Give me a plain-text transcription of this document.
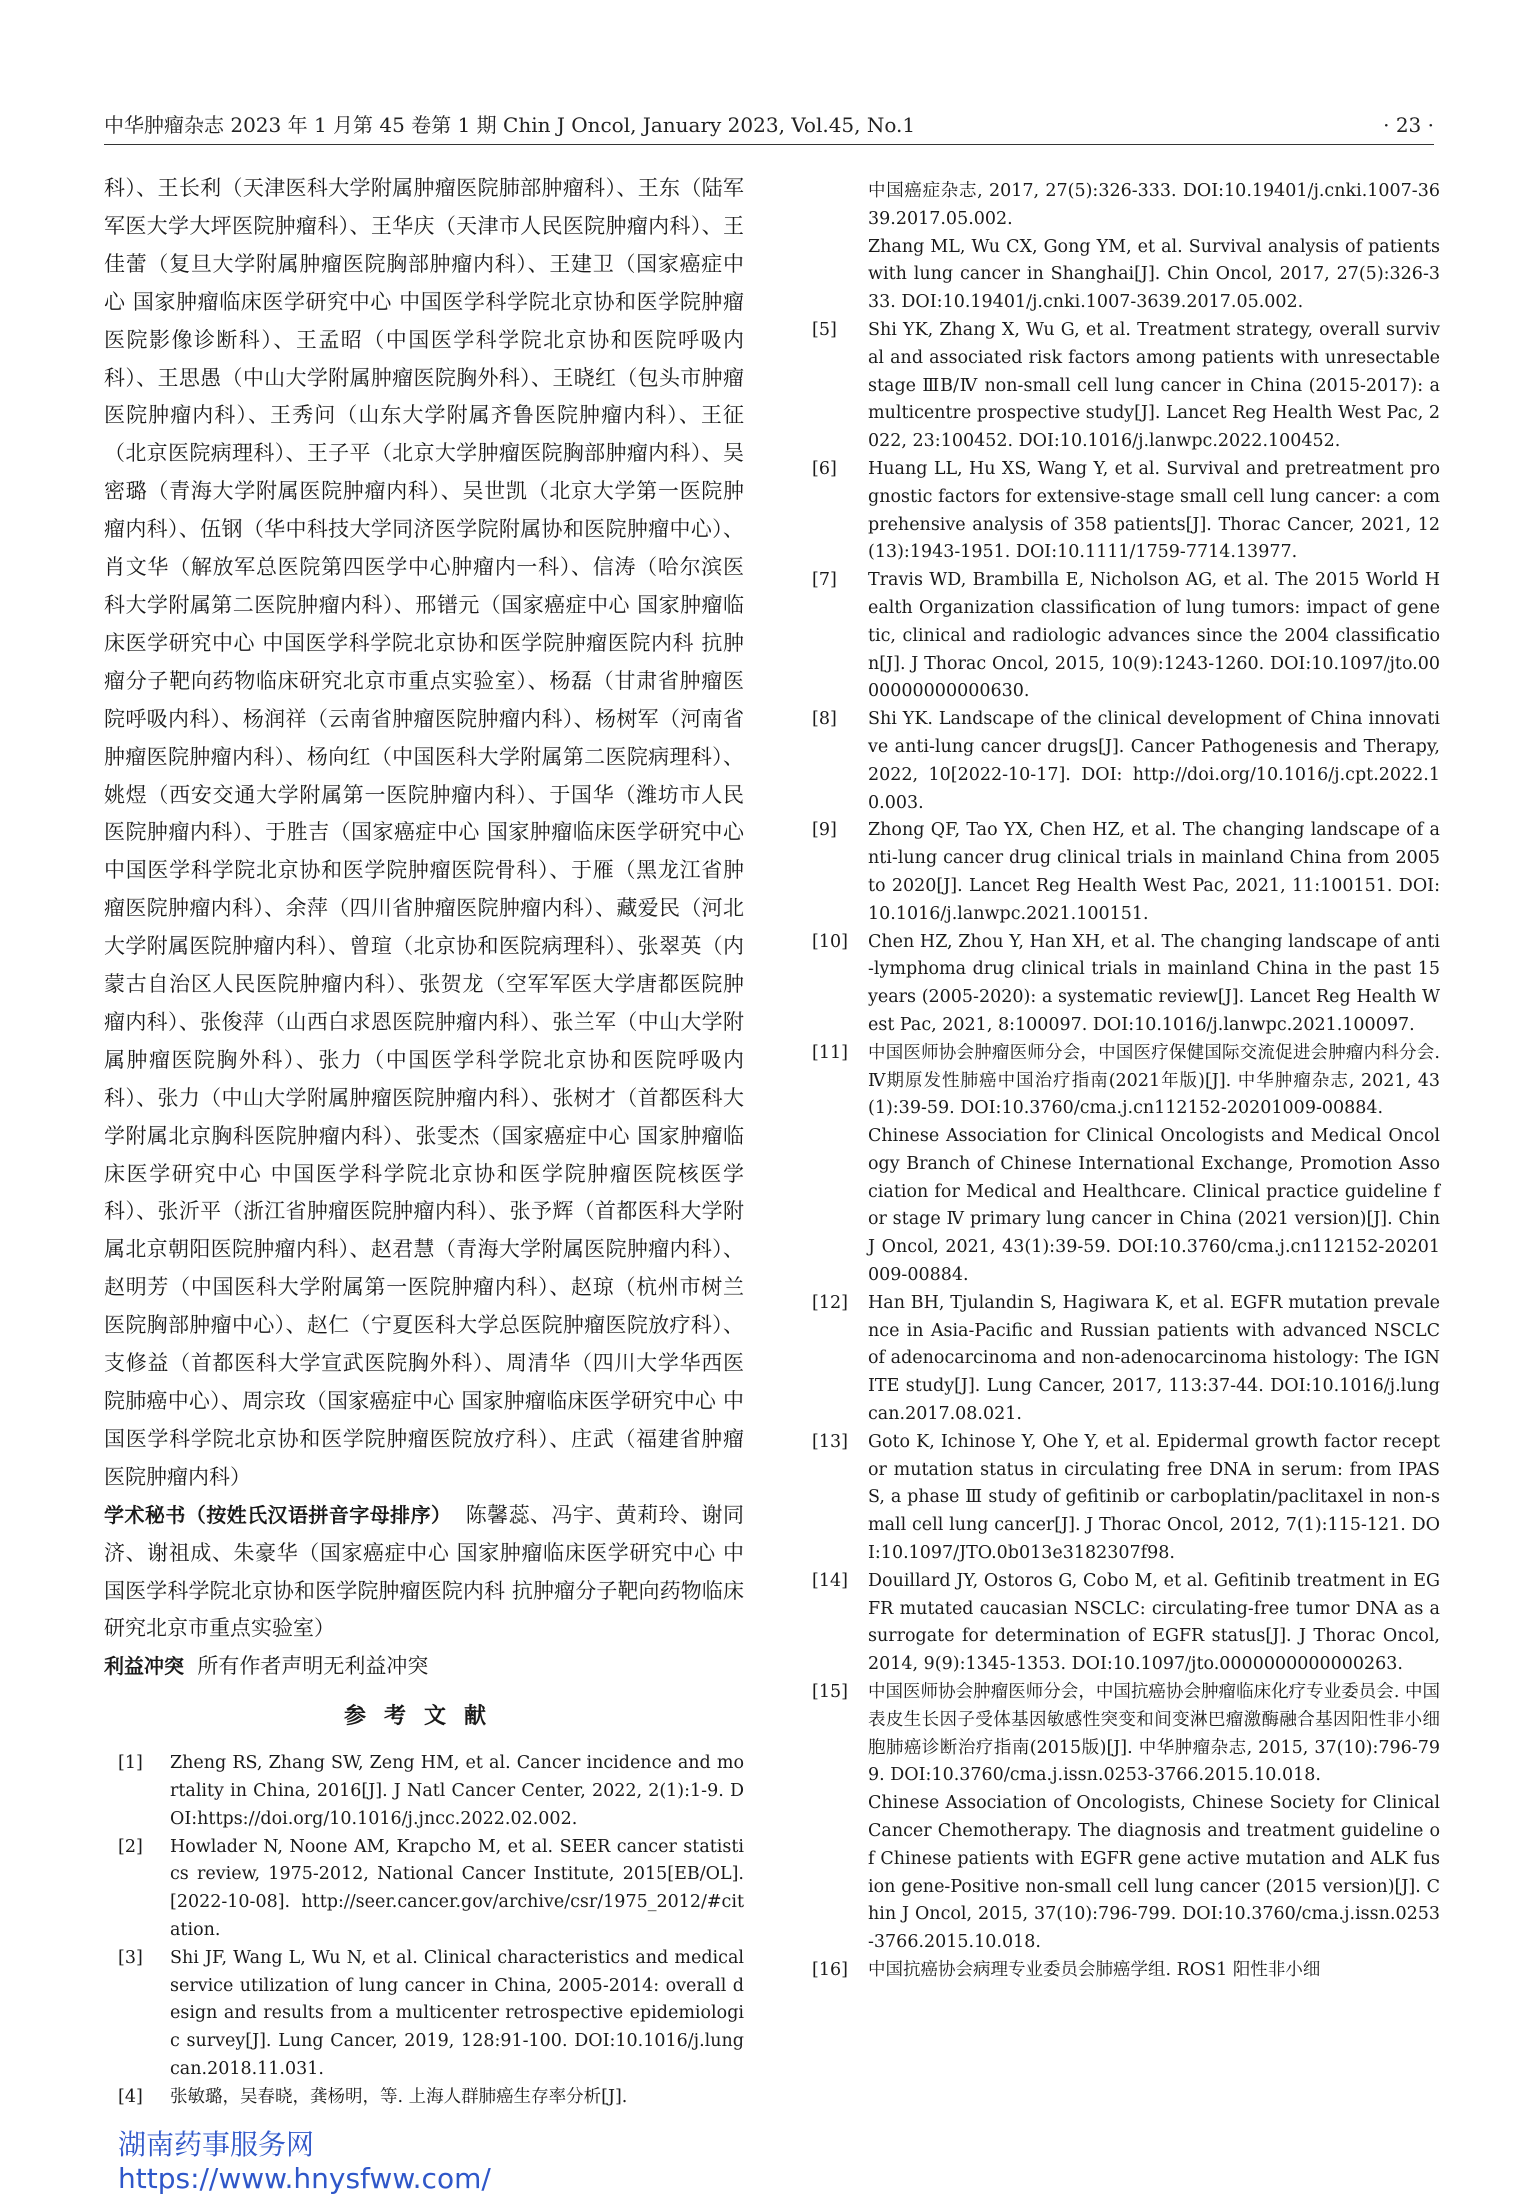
中华肿瘤杂志 2023 年 1 月第 45 卷第 1 期 Chin J Oncol, January 2023, Vol.45, No.1	· 23 ·

科）、王长利（天津医科大学附属肿瘤医院肺部肿瘤科）、王东（陆军军医大学大坪医院肿瘤科）、王华庆（天津市人民医院肿瘤内科）、王佳蕾（复旦大学附属肿瘤医院胸部肿瘤内科）、王建卫（国家癌症中心 国家肿瘤临床医学研究中心 中国医学科学院北京协和医学院肿瘤医院影像诊断科）、王孟昭（中国医学科学院北京协和医院呼吸内科）、王思愚（中山大学附属肿瘤医院胸外科）、王晓红（包头市肿瘤医院肿瘤内科）、王秀问（山东大学附属齐鲁医院肿瘤内科）、王征（北京医院病理科）、王子平（北京大学肿瘤医院胸部肿瘤内科）、吴密璐（青海大学附属医院肿瘤内科）、吴世凯（北京大学第一医院肿瘤内科）、伍钢（华中科技大学同济医学院附属协和医院肿瘤中心）、肖文华（解放军总医院第四医学中心肿瘤内一科）、信涛（哈尔滨医科大学附属第二医院肿瘤内科）、邢镨元（国家癌症中心 国家肿瘤临床医学研究中心 中国医学科学院北京协和医学院肿瘤医院内科 抗肿瘤分子靶向药物临床研究北京市重点实验室）、杨磊（甘肃省肿瘤医院呼吸内科）、杨润祥（云南省肿瘤医院肿瘤内科）、杨树军（河南省肿瘤医院肿瘤内科）、杨向红（中国医科大学附属第二医院病理科）、姚煜（西安交通大学附属第一医院肿瘤内科）、于国华（潍坊市人民医院肿瘤内科）、于胜吉（国家癌症中心 国家肿瘤临床医学研究中心 中国医学科学院北京协和医学院肿瘤医院骨科）、于雁（黑龙江省肿瘤医院肿瘤内科）、余萍（四川省肿瘤医院肿瘤内科）、藏爱民（河北大学附属医院肿瘤内科）、曾瑄（北京协和医院病理科）、张翠英（内蒙古自治区人民医院肿瘤内科）、张贺龙（空军军医大学唐都医院肿瘤内科）、张俊萍（山西白求恩医院肿瘤内科）、张兰军（中山大学附属肿瘤医院胸外科）、张力（中国医学科学院北京协和医院呼吸内科）、张力（中山大学附属肿瘤医院肿瘤内科）、张树才（首都医科大学附属北京胸科医院肿瘤内科）、张雯杰（国家癌症中心 国家肿瘤临床医学研究中心 中国医学科学院北京协和医学院肿瘤医院核医学科）、张沂平（浙江省肿瘤医院肿瘤内科）、张予辉（首都医科大学附属北京朝阳医院肿瘤内科）、赵君慧（青海大学附属医院肿瘤内科）、赵明芳（中国医科大学附属第一医院肿瘤内科）、赵琼（杭州市树兰医院胸部肿瘤中心）、赵仁（宁夏医科大学总医院肿瘤医院放疗科）、支修益（首都医科大学宣武医院胸外科）、周清华（四川大学华西医院肺癌中心）、周宗玫（国家癌症中心 国家肿瘤临床医学研究中心 中国医学科学院北京协和医学院肿瘤医院放疗科）、庄武（福建省肿瘤医院肿瘤内科）

学术秘书（按姓氏汉语拼音字母排序） 陈馨蕊、冯宇、黄莉玲、谢同济、谢祖成、朱豪华（国家癌症中心 国家肿瘤临床医学研究中心 中国医学科学院北京协和医学院肿瘤医院内科 抗肿瘤分子靶向药物临床研究北京市重点实验室）

利益冲突 所有作者声明无利益冲突

参考文献
[1] Zheng RS, Zhang SW, Zeng HM, et al. Cancer incidence and mortality in China, 2016[J]. J Natl Cancer Center, 2022, 2(1):1-9. DOI:https://doi.org/10.1016/j.jncc.2022.02.002.
[2] Howlader N, Noone AM, Krapcho M, et al. SEER cancer statistics review, 1975-2012, National Cancer Institute, 2015[EB/OL]. [2022-10-08]. http://seer.cancer.gov/archive/csr/1975_2012/#citation.
[3] Shi JF, Wang L, Wu N, et al. Clinical characteristics and medical service utilization of lung cancer in China, 2005-2014: overall design and results from a multicenter retrospective epidemiologic survey[J]. Lung Cancer, 2019, 128:91-100. DOI:10.1016/j.lungcan.2018.11.031.
[4] 张敏璐，吴春晓，龚杨明，等. 上海人群肺癌生存率分析[J].
中国癌症杂志, 2017, 27(5):326-333. DOI:10.19401/j.cnki.1007-3639.2017.05.002.
Zhang ML, Wu CX, Gong YM, et al. Survival analysis of patients with lung cancer in Shanghai[J]. Chin Oncol, 2017, 27(5):326-333. DOI:10.19401/j.cnki.1007-3639.2017.05.002.
[5] Shi YK, Zhang X, Wu G, et al. Treatment strategy, overall survival and associated risk factors among patients with unresectable stage ⅢB/Ⅳ non-small cell lung cancer in China (2015-2017): a multicentre prospective study[J]. Lancet Reg Health West Pac, 2022, 23:100452. DOI:10.1016/j.lanwpc.2022.100452.
[6] Huang LL, Hu XS, Wang Y, et al. Survival and pretreatment prognostic factors for extensive-stage small cell lung cancer: a comprehensive analysis of 358 patients[J]. Thorac Cancer, 2021, 12(13):1943-1951. DOI:10.1111/1759-7714.13977.
[7] Travis WD, Brambilla E, Nicholson AG, et al. The 2015 World Health Organization classification of lung tumors: impact of genetic, clinical and radiologic advances since the 2004 classification[J]. J Thorac Oncol, 2015, 10(9):1243-1260. DOI:10.1097/jto.0000000000000630.
[8] Shi YK. Landscape of the clinical development of China innovative anti-lung cancer drugs[J]. Cancer Pathogenesis and Therapy, 2022, 10[2022-10-17]. DOI: http://doi.org/10.1016/j.cpt.2022.10.003.
[9] Zhong QF, Tao YX, Chen HZ, et al. The changing landscape of anti-lung cancer drug clinical trials in mainland China from 2005 to 2020[J]. Lancet Reg Health West Pac, 2021, 11:100151. DOI:10.1016/j.lanwpc.2021.100151.
[10] Chen HZ, Zhou Y, Han XH, et al. The changing landscape of anti-lymphoma drug clinical trials in mainland China in the past 15 years (2005-2020): a systematic review[J]. Lancet Reg Health West Pac, 2021, 8:100097. DOI:10.1016/j.lanwpc.2021.100097.
[11] 中国医师协会肿瘤医师分会，中国医疗保健国际交流促进会肿瘤内科分会. Ⅳ期原发性肺癌中国治疗指南(2021年版)[J]. 中华肿瘤杂志, 2021, 43(1):39-59. DOI:10.3760/cma.j.cn112152-20201009-00884.
Chinese Association for Clinical Oncologists and Medical Oncology Branch of Chinese International Exchange, Promotion Association for Medical and Healthcare. Clinical practice guideline for stage Ⅳ primary lung cancer in China (2021 version)[J]. Chin J Oncol, 2021, 43(1):39-59. DOI:10.3760/cma.j.cn112152-20201009-00884.
[12] Han BH, Tjulandin S, Hagiwara K, et al. EGFR mutation prevalence in Asia-Pacific and Russian patients with advanced NSCLC of adenocarcinoma and non-adenocarcinoma histology: The IGNITE study[J]. Lung Cancer, 2017, 113:37-44. DOI:10.1016/j.lungcan.2017.08.021.
[13] Goto K, Ichinose Y, Ohe Y, et al. Epidermal growth factor receptor mutation status in circulating free DNA in serum: from IPASS, a phase Ⅲ study of gefitinib or carboplatin/paclitaxel in non-small cell lung cancer[J]. J Thorac Oncol, 2012, 7(1):115-121. DOI:10.1097/JTO.0b013e3182307f98.
[14] Douillard JY, Ostoros G, Cobo M, et al. Gefitinib treatment in EGFR mutated caucasian NSCLC: circulating-free tumor DNA as a surrogate for determination of EGFR status[J]. J Thorac Oncol, 2014, 9(9):1345-1353. DOI:10.1097/jto.0000000000000263.
[15] 中国医师协会肿瘤医师分会，中国抗癌协会肿瘤临床化疗专业委员会. 中国表皮生长因子受体基因敏感性突变和间变淋巴瘤激酶融合基因阳性非小细胞肺癌诊断治疗指南(2015版)[J]. 中华肿瘤杂志, 2015, 37(10):796-799. DOI:10.3760/cma.j.issn.0253-3766.2015.10.018.
Chinese Association of Oncologists, Chinese Society for Clinical Cancer Chemotherapy. The diagnosis and treatment guideline of Chinese patients with EGFR gene active mutation and ALK fusion gene-Positive non-small cell lung cancer (2015 version)[J]. Chin J Oncol, 2015, 37(10):796-799. DOI:10.3760/cma.j.issn.0253-3766.2015.10.018.
[16] 中国抗癌协会病理专业委员会肺癌学组. ROS1 阳性非小细
湖南药事服务网
https://www.hnysfww.com/
